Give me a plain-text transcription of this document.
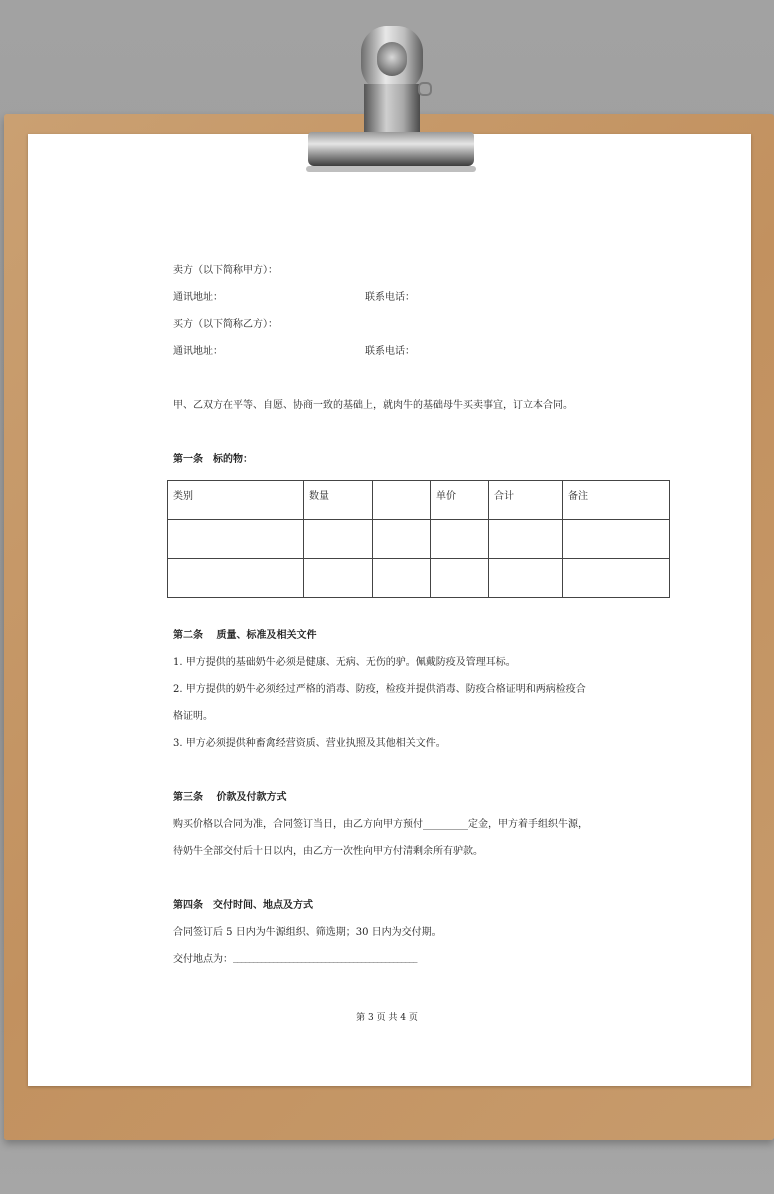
卖方（以下简称甲方）：
通讯地址：	联系电话：
买方（以下简称乙方）：
通讯地址：	联系电话：
甲、乙双方在平等、自愿、协商一致的基础上，就肉牛的基础母牛买卖事宜，订立本合同。
第一条　标的物：
类别	数量		单价	合计	备注

第二条　 质量、标准及相关文件
1. 甲方提供的基础奶牛必须是健康、无病、无伤的驴。佩戴防疫及管理耳标。
2. 甲方提供的奶牛必须经过严格的消毒、防疫，检疫并提供消毒、防疫合格证明和两病检疫合
格证明。
3. 甲方必须提供种畜禽经营资质、营业执照及其他相关文件。
第三条　 价款及付款方式
购买价格以合同为准，合同签订当日，由乙方向甲方预付_________定金，甲方着手组织牛源，
待奶牛全部交付后十日以内，由乙方一次性向甲方付清剩余所有驴款。
第四条　交付时间、地点及方式
合同签订后 5 日内为牛源组织、筛选期；30 日内为交付期。
交付地点为： ______________________________________________
第 3 页 共 4 页
